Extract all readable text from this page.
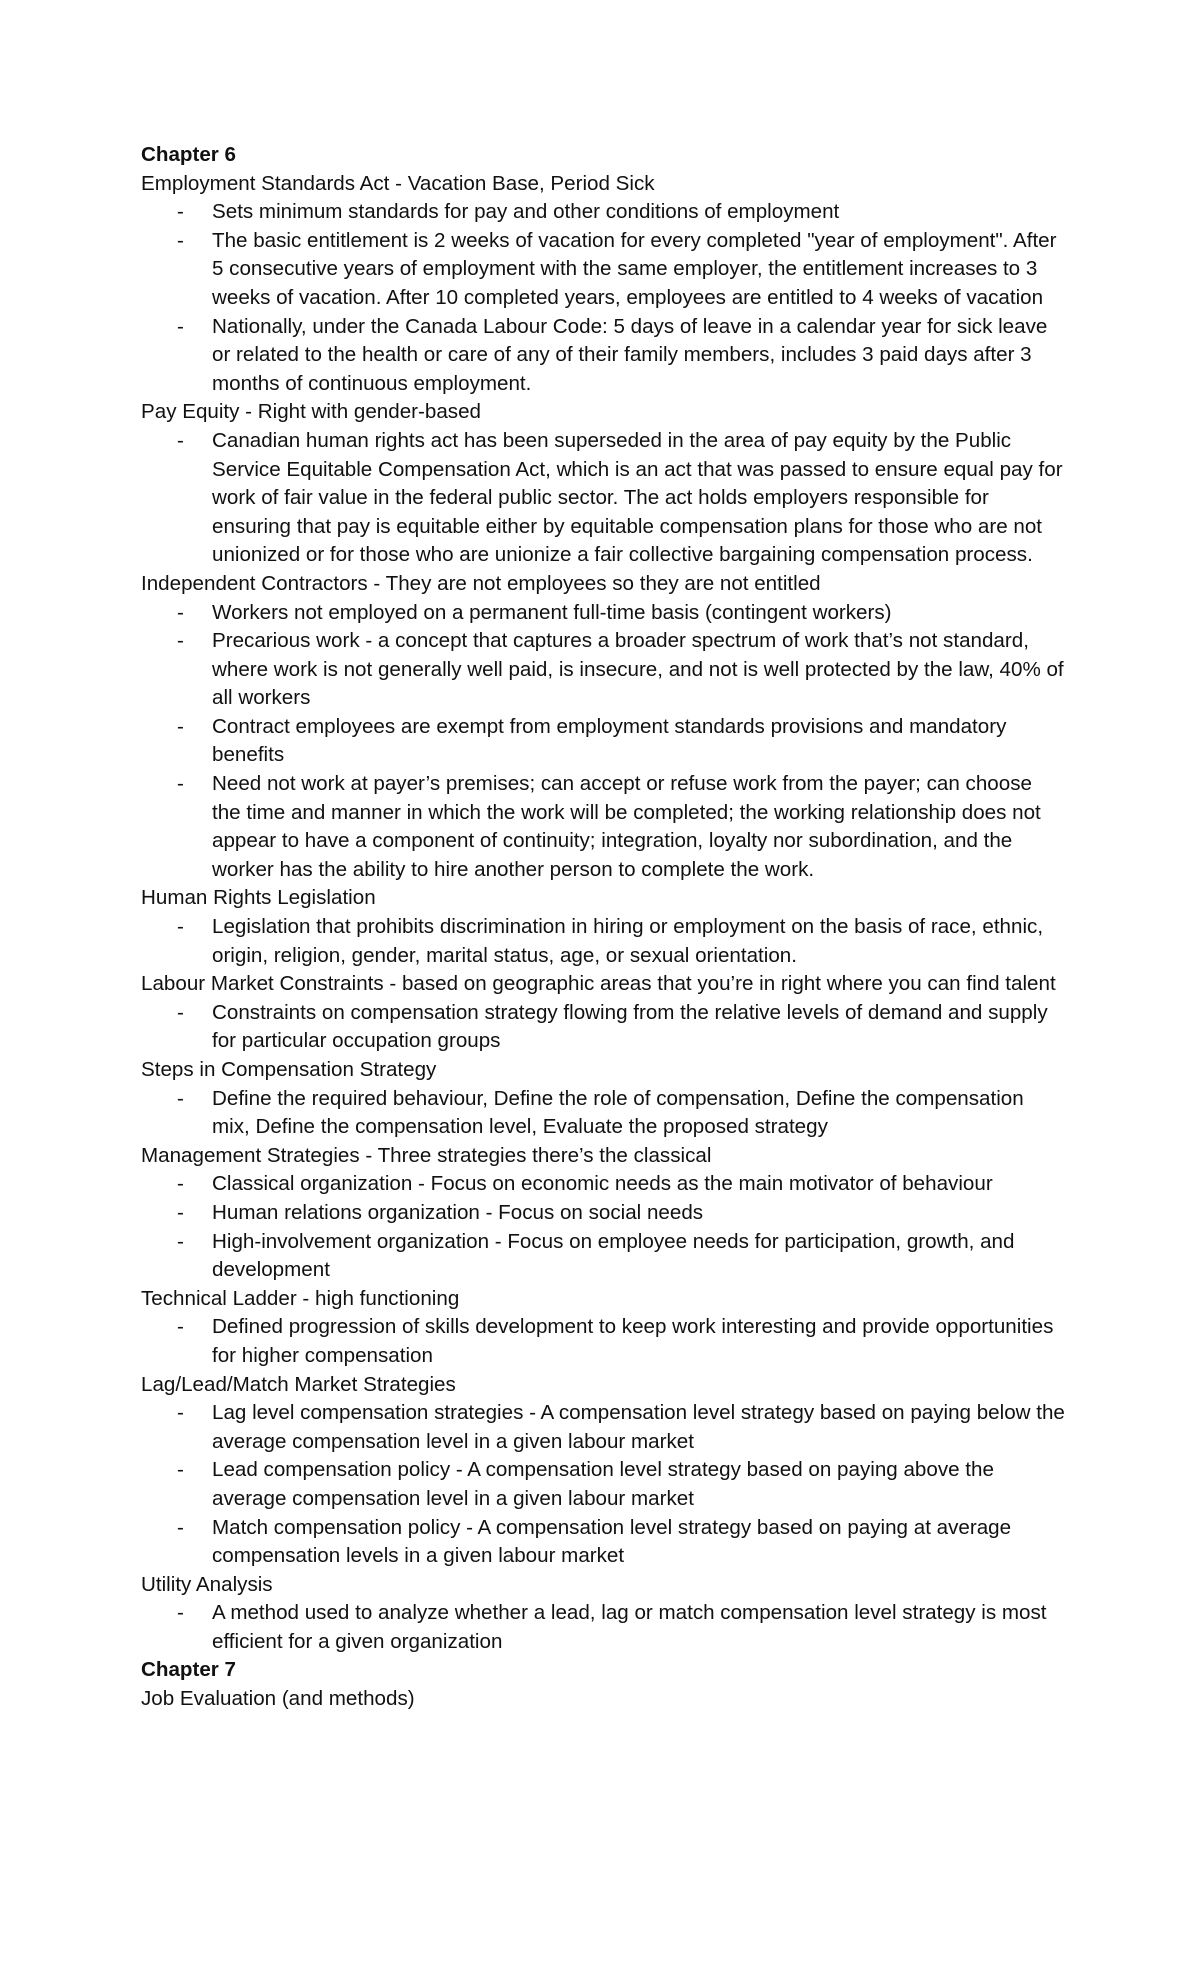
Chapter 6
Employment Standards Act - Vacation Base, Period Sick
- Sets minimum standards for pay and other conditions of employment
- The basic entitlement is 2 weeks of vacation for every completed "year of employment". After 5 consecutive years of employment with the same employer, the entitlement increases to 3 weeks of vacation. After 10 completed years, employees are entitled to 4 weeks of vacation
- Nationally, under the Canada Labour Code: 5 days of leave in a calendar year for sick leave or related to the health or care of any of their family members, includes 3 paid days after 3 months of continuous employment.
Pay Equity - Right with gender-based
- Canadian human rights act has been superseded in the area of pay equity by the Public Service Equitable Compensation Act, which is an act that was passed to ensure equal pay for work of fair value in the federal public sector. The act holds employers responsible for ensuring that pay is equitable either by equitable compensation plans for those who are not unionized or for those who are unionize a fair collective bargaining compensation process.
Independent Contractors - They are not employees so they are not entitled
- Workers not employed on a permanent full-time basis (contingent workers)
- Precarious work - a concept that captures a broader spectrum of work that’s not standard, where work is not generally well paid, is insecure, and not is well protected by the law, 40% of all workers
- Contract employees are exempt from employment standards provisions and mandatory benefits
- Need not work at payer’s premises; can accept or refuse work from the payer; can choose the time and manner in which the work will be completed; the working relationship does not appear to have a component of continuity; integration, loyalty nor subordination, and the worker has the ability to hire another person to complete the work.
Human Rights Legislation
- Legislation that prohibits discrimination in hiring or employment on the basis of race, ethnic, origin, religion, gender, marital status, age, or sexual orientation.
Labour Market Constraints - based on geographic areas that you’re in right where you can find talent
- Constraints on compensation strategy flowing from the relative levels of demand and supply for particular occupation groups
Steps in Compensation Strategy
- Define the required behaviour, Define the role of compensation, Define the compensation mix, Define the compensation level, Evaluate the proposed strategy
Management Strategies - Three strategies there’s the classical
- Classical organization - Focus on economic needs as the main motivator of behaviour
- Human relations organization - Focus on social needs
- High-involvement organization - Focus on employee needs for participation, growth, and development
Technical Ladder - high functioning
- Defined progression of skills development to keep work interesting and provide opportunities for higher compensation
Lag/Lead/Match Market Strategies
- Lag level compensation strategies - A compensation level strategy based on paying below the average compensation level in a given labour market
- Lead compensation policy - A compensation level strategy based on paying above the average compensation level in a given labour market
- Match compensation policy - A compensation level strategy based on paying at average compensation levels in a given labour market
Utility Analysis
- A method used to analyze whether a lead, lag or match compensation level strategy is most efficient for a given organization
Chapter 7
Job Evaluation (and methods)
